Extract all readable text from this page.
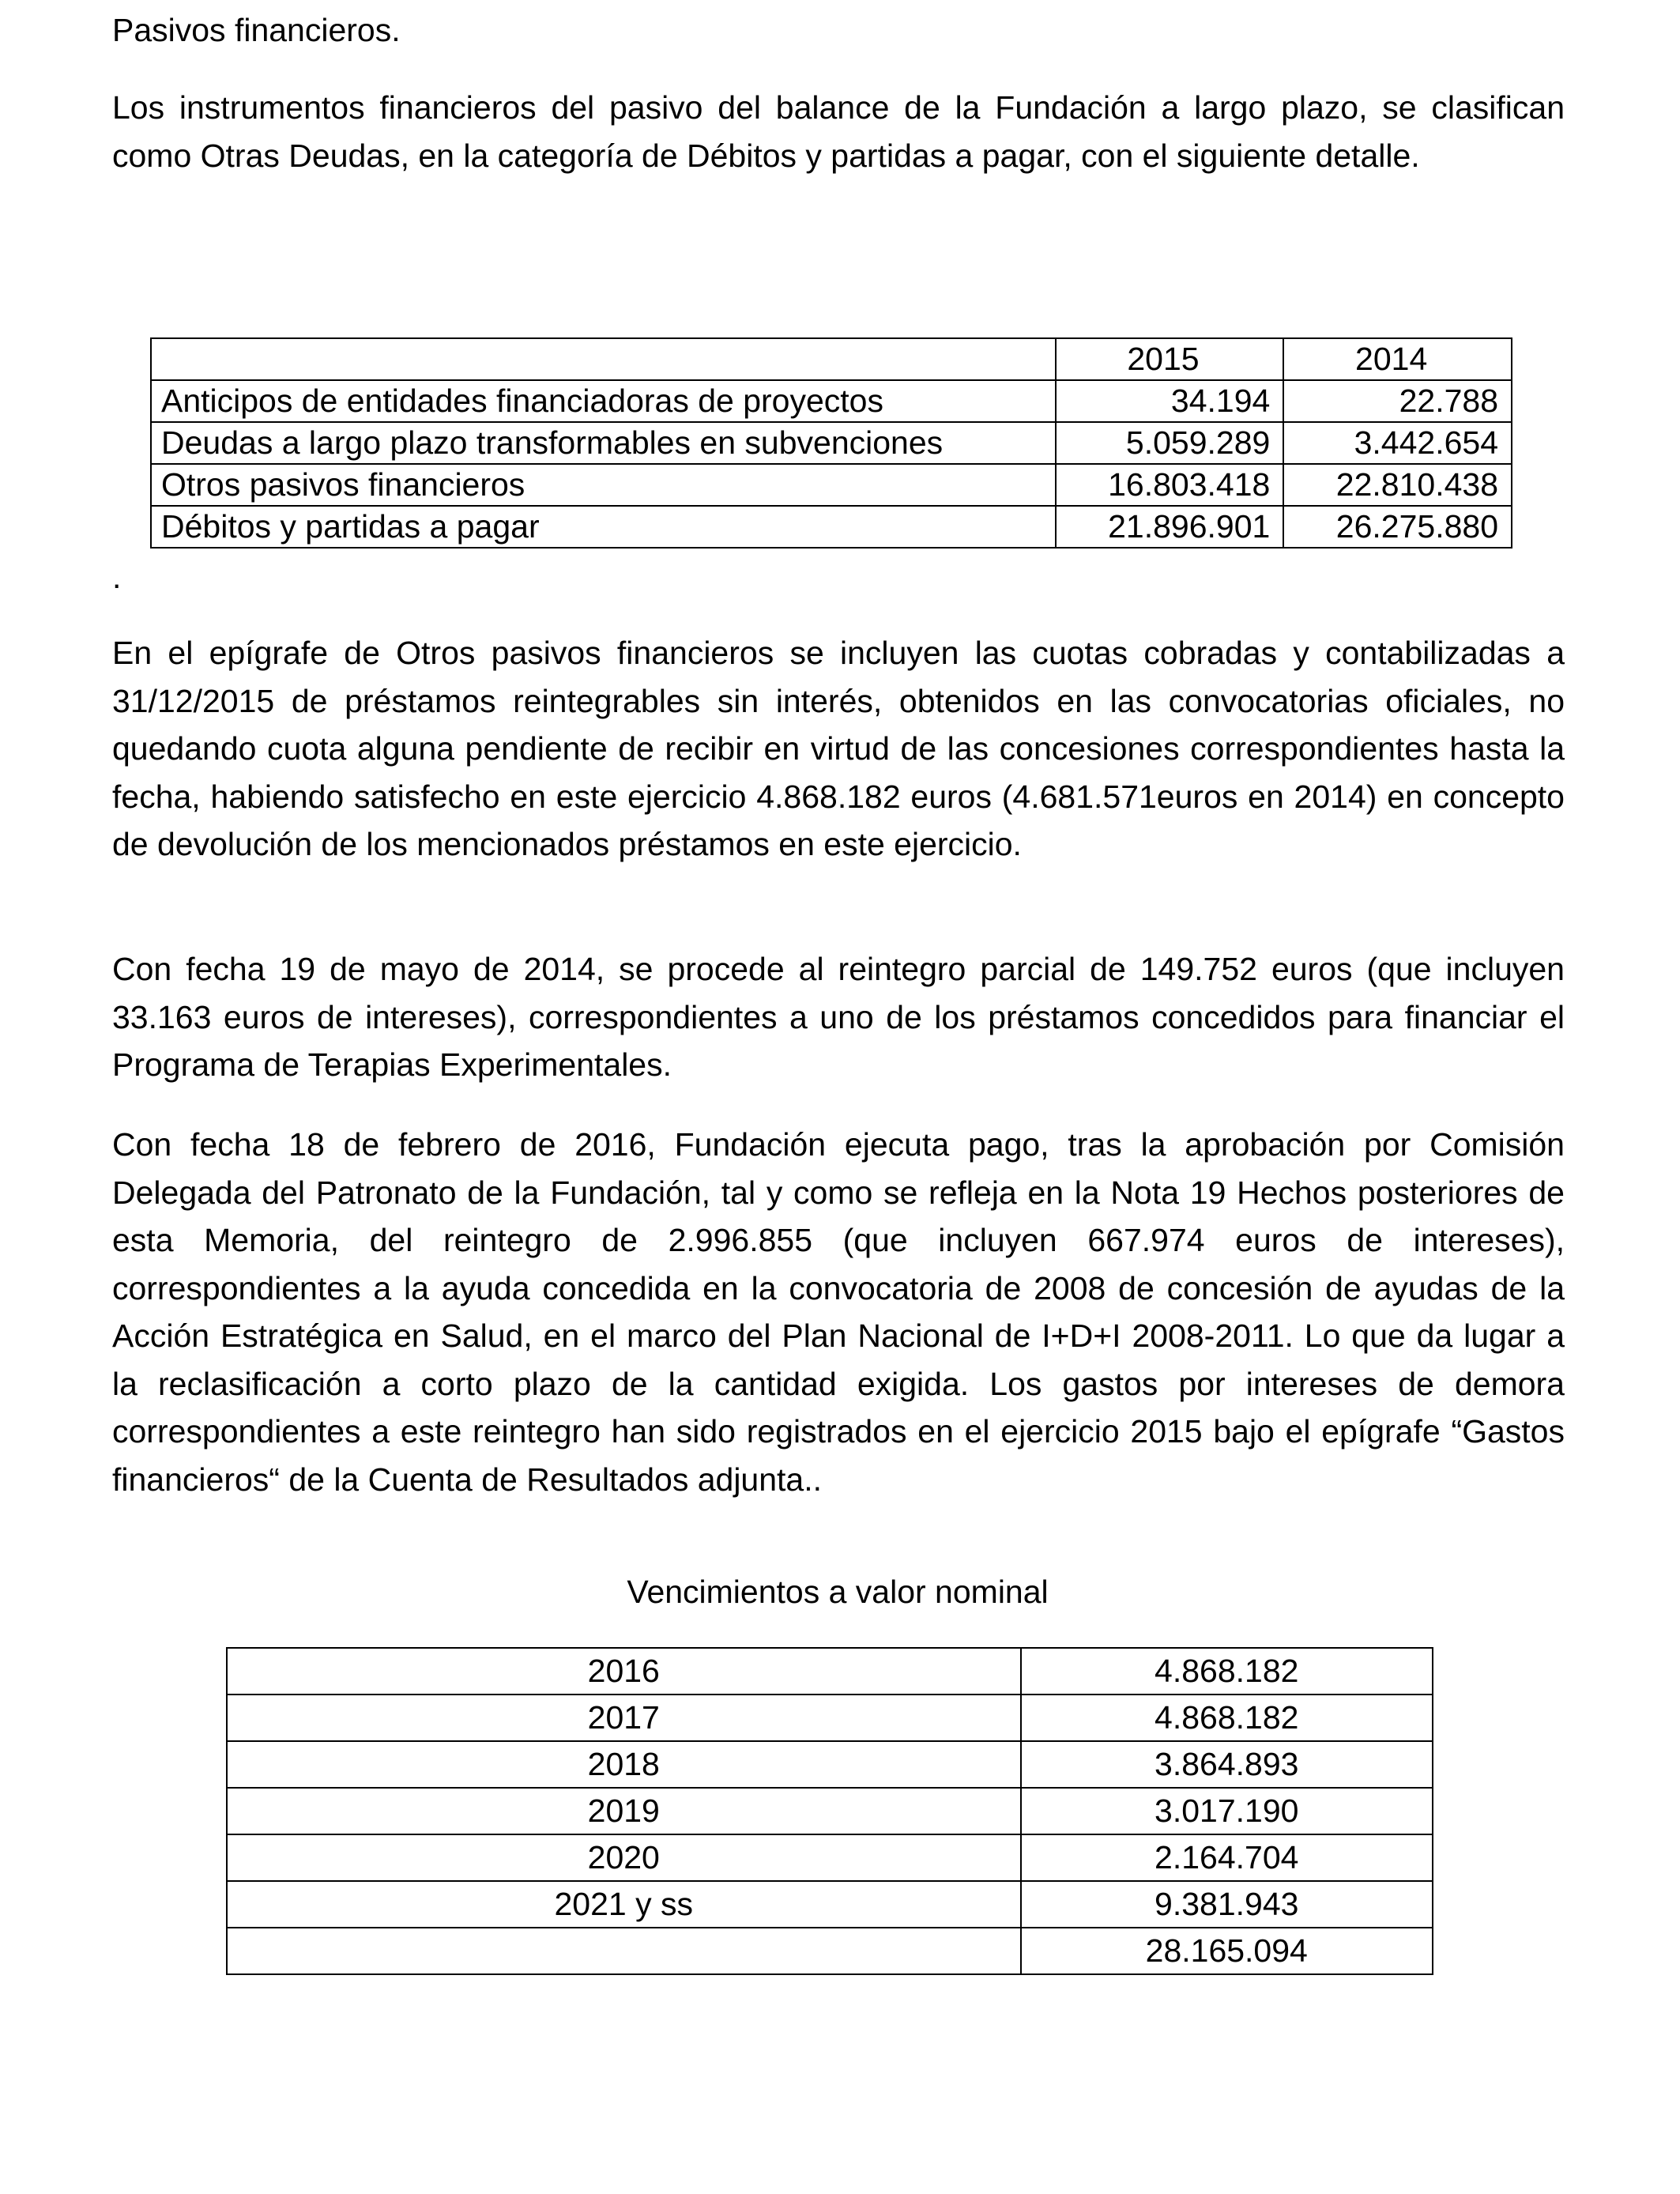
Pasivos financieros.

Los instrumentos financieros del pasivo del balance de la Fundación a largo plazo, se clasifican como Otras Deudas, en la categoría de Débitos y partidas a pagar, con el siguiente detalle.

	2015	2014
Anticipos de entidades financiadoras de proyectos	34.194	22.788
Deudas a largo plazo transformables en subvenciones	5.059.289	3.442.654
Otros pasivos financieros	16.803.418	22.810.438
Débitos y partidas a pagar	21.896.901	26.275.880
.

En el epígrafe de Otros pasivos financieros se incluyen las cuotas cobradas y contabilizadas a 31/12/2015 de préstamos reintegrables sin interés, obtenidos en las convocatorias oficiales, no quedando cuota alguna pendiente de recibir en virtud de las concesiones correspondientes hasta la fecha, habiendo satisfecho en este ejercicio 4.868.182 euros (4.681.571euros en 2014) en concepto de devolución de los mencionados préstamos en este ejercicio.

Con fecha 19 de mayo de 2014, se procede al reintegro parcial de 149.752 euros (que incluyen 33.163 euros de intereses), correspondientes a uno de los préstamos concedidos para financiar el Programa de Terapias Experimentales.

Con fecha 18 de febrero de 2016, Fundación ejecuta pago, tras la aprobación por Comisión Delegada del Patronato de la Fundación, tal y como se refleja en la Nota 19 Hechos posteriores de esta Memoria, del reintegro de 2.996.855 (que incluyen 667.974 euros de intereses), correspondientes a la ayuda concedida en la convocatoria de 2008 de concesión de ayudas de la Acción Estratégica en Salud, en el marco del Plan Nacional de I+D+I 2008-2011. Lo que da lugar a la reclasificación a corto plazo de la cantidad exigida. Los gastos por intereses de demora correspondientes a este reintegro han sido registrados en el ejercicio 2015 bajo el epígrafe “Gastos financieros“ de la Cuenta de Resultados adjunta..

Vencimientos a valor nominal

2016	4.868.182
2017	4.868.182
2018	3.864.893
2019	3.017.190
2020	2.164.704
2021 y ss	9.381.943
	28.165.094
